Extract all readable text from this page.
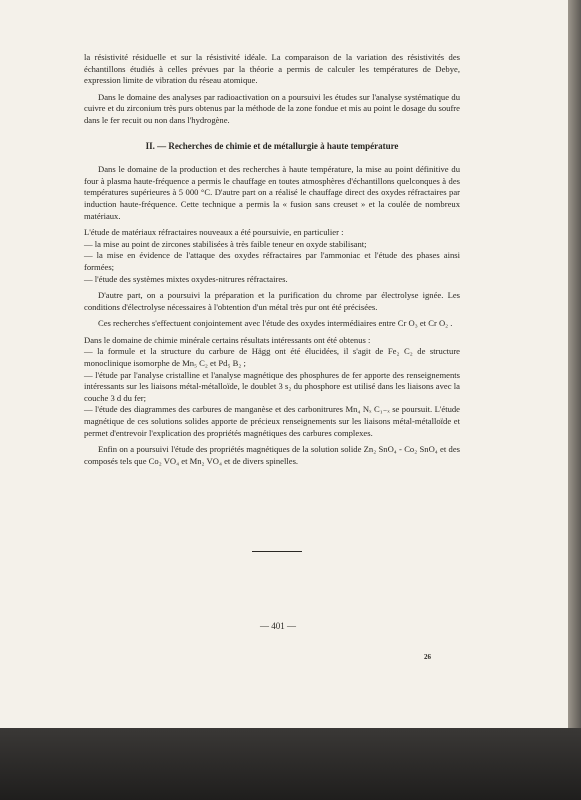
la résistivité résiduelle et sur la résistivité idéale. La comparaison de la variation des résistivités des échantillons étudiés à celles prévues par la théorie a permis de calculer les températures de Debye, expression limite de vibration du réseau atomique.

Dans le domaine des analyses par radioactivation on a poursuivi les études sur l'analyse systématique du cuivre et du zirconium très purs obtenus par la méthode de la zone fondue et mis au point le dosage du soufre dans le fer recuit ou non dans l'hydrogène.

II. — Recherches de chimie et de métallurgie à haute température

Dans le domaine de la production et des recherches à haute température, la mise au point définitive du four à plasma haute-fréquence a permis le chauffage en toutes atmosphères d'échantillons quelconques à des températures supérieures à 5 000 °C. D'autre part on a réalisé le chauffage direct des oxydes réfractaires par induction haute-fréquence. Cette technique a permis la « fusion sans creuset » et la coulée de nombreux matériaux.

L'étude de matériaux réfractaires nouveaux a été poursuivie, en particulier :

— la mise au point de zircones stabilisées à très faible teneur en oxyde stabilisant;

— la mise en évidence de l'attaque des oxydes réfractaires par l'ammoniac et l'étude des phases ainsi formées;

— l'étude des systèmes mixtes oxydes-nitrures réfractaires.

D'autre part, on a poursuivi la préparation et la purification du chrome par électrolyse ignée. Les conditions d'électrolyse nécessaires à l'obtention d'un métal très pur ont été précisées.

Ces recherches s'effectuent conjointement avec l'étude des oxydes intermédiaires entre Cr O₃ et Cr O₂ .

Dans le domaine de chimie minérale certains résultats intéressants ont été obtenus :

— la formule et la structure du carbure de Hägg ont été élucidées, il s'agit de Fe₂ C₂ de structure monoclinique isomorphe de Mn₅ C₂ et Pd₅ B₂ ;

— l'étude par l'analyse cristalline et l'analyse magnétique des phosphures de fer apporte des renseignements intéressants sur les liaisons métal-métalloïde, le doublet 3 s₂ du phosphore est utilisé dans les liaisons avec la couche 3 d du fer;

— l'étude des diagrammes des carbures de manganèse et des carbonitrures Mn₄ Nₓ C₁₋ₓ se poursuit. L'étude magnétique de ces solutions solides apporte de précieux renseignements sur les liaisons métal-métalloïde et permet d'entrevoir l'explication des propriétés magnétiques des carbures complexes.

Enfin on a poursuivi l'étude des propriétés magnétiques de la solution solide Zn₂ SnO₄ - Co₂ SnO₄ et des composés tels que Co₂ VO₄ et Mn₂ VO₄ et de divers spinelles.

— 401 —
26
